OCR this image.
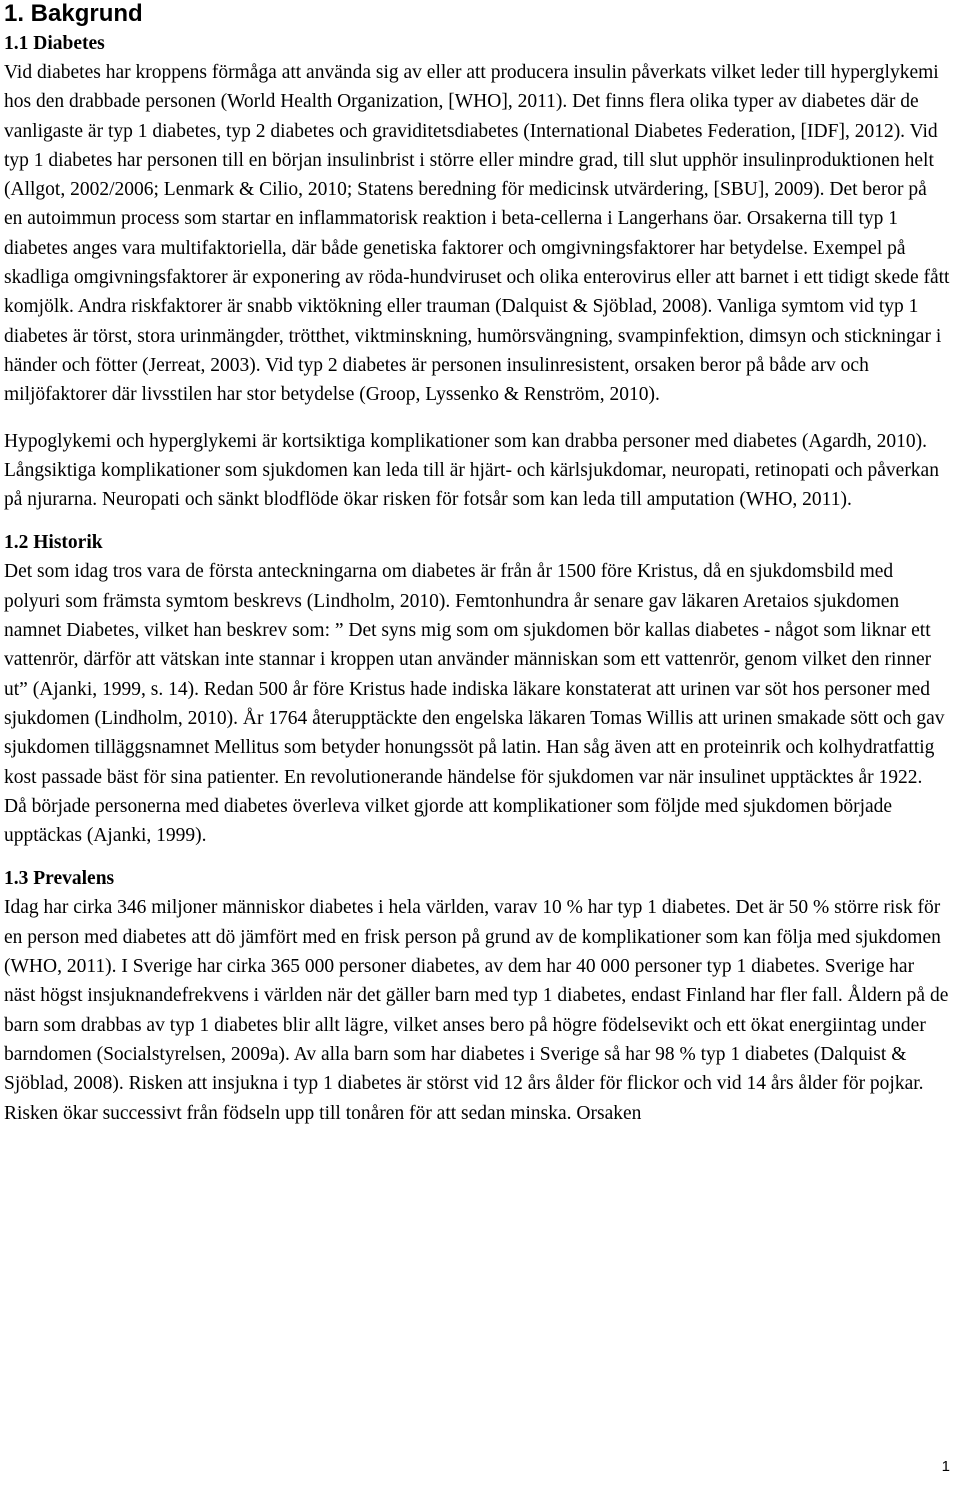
1. Bakgrund
1.1 Diabetes

Vid diabetes har kroppens förmåga att använda sig av eller att producera insulin påverkats vilket leder till hyperglykemi hos den drabbade personen (World Health Organization, [WHO], 2011). Det finns flera olika typer av diabetes där de vanligaste är typ 1 diabetes, typ 2 diabetes och graviditetsdiabetes (International Diabetes Federation, [IDF], 2012). Vid typ 1 diabetes har personen till en början insulinbrist i större eller mindre grad, till slut upphör insulinproduktionen helt (Allgot, 2002/2006; Lenmark & Cilio, 2010; Statens beredning för medicinsk utvärdering, [SBU], 2009). Det beror på en autoimmun process som startar en inflammatorisk reaktion i beta-cellerna i Langerhans öar. Orsakerna till typ 1 diabetes anges vara multifaktoriella, där både genetiska faktorer och omgivningsfaktorer har betydelse. Exempel på skadliga omgivningsfaktorer är exponering av röda-hundviruset och olika enterovirus eller att barnet i ett tidigt skede fått komjölk. Andra riskfaktorer är snabb viktökning eller trauman (Dalquist & Sjöblad, 2008). Vanliga symtom vid typ 1 diabetes är törst, stora urinmängder, trötthet, viktminskning, humörsvängning, svampinfektion, dimsyn och stickningar i händer och fötter (Jerreat, 2003). Vid typ 2 diabetes är personen insulinresistent, orsaken beror på både arv och miljöfaktorer där livsstilen har stor betydelse (Groop, Lyssenko & Renström, 2010).

Hypoglykemi och hyperglykemi är kortsiktiga komplikationer som kan drabba personer med diabetes (Agardh, 2010). Långsiktiga komplikationer som sjukdomen kan leda till är hjärt- och kärlsjukdomar, neuropati, retinopati och påverkan på njurarna. Neuropati och sänkt blodflöde ökar risken för fotsår som kan leda till amputation (WHO, 2011).

1.2 Historik

Det som idag tros vara de första anteckningarna om diabetes är från år 1500 före Kristus, då en sjukdomsbild med polyuri som främsta symtom beskrevs (Lindholm, 2010). Femtonhundra år senare gav läkaren Aretaios sjukdomen namnet Diabetes, vilket han beskrev som: ” Det syns mig som om sjukdomen bör kallas diabetes - något som liknar ett vattenrör, därför att vätskan inte stannar i kroppen utan använder människan som ett vattenrör, genom vilket den rinner ut” (Ajanki, 1999, s. 14). Redan 500 år före Kristus hade indiska läkare konstaterat att urinen var söt hos personer med sjukdomen (Lindholm, 2010). År 1764 återupptäckte den engelska läkaren Tomas Willis att urinen smakade sött och gav sjukdomen tilläggsnamnet Mellitus som betyder honungssöt på latin. Han såg även att en proteinrik och kolhydratfattig kost passade bäst för sina patienter. En revolutionerande händelse för sjukdomen var när insulinet upptäcktes år 1922. Då började personerna med diabetes överleva vilket gjorde att komplikationer som följde med sjukdomen började upptäckas (Ajanki, 1999).

1.3 Prevalens

Idag har cirka 346 miljoner människor diabetes i hela världen, varav 10 % har typ 1 diabetes. Det är 50 % större risk för en person med diabetes att dö jämfört med en frisk person på grund av de komplikationer som kan följa med sjukdomen (WHO, 2011). I Sverige har cirka 365 000 personer diabetes, av dem har 40 000 personer typ 1 diabetes. Sverige har näst högst insjuknandefrekvens i världen när det gäller barn med typ 1 diabetes, endast Finland har fler fall. Åldern på de barn som drabbas av typ 1 diabetes blir allt lägre, vilket anses bero på högre födelsevikt och ett ökat energiintag under barndomen (Socialstyrelsen, 2009a). Av alla barn som har diabetes i Sverige så har 98 % typ 1 diabetes (Dalquist & Sjöblad, 2008). Risken att insjukna i typ 1 diabetes är störst vid 12 års ålder för flickor och vid 14 års ålder för pojkar. Risken ökar successivt från födseln upp till tonåren för att sedan minska. Orsaken

1
